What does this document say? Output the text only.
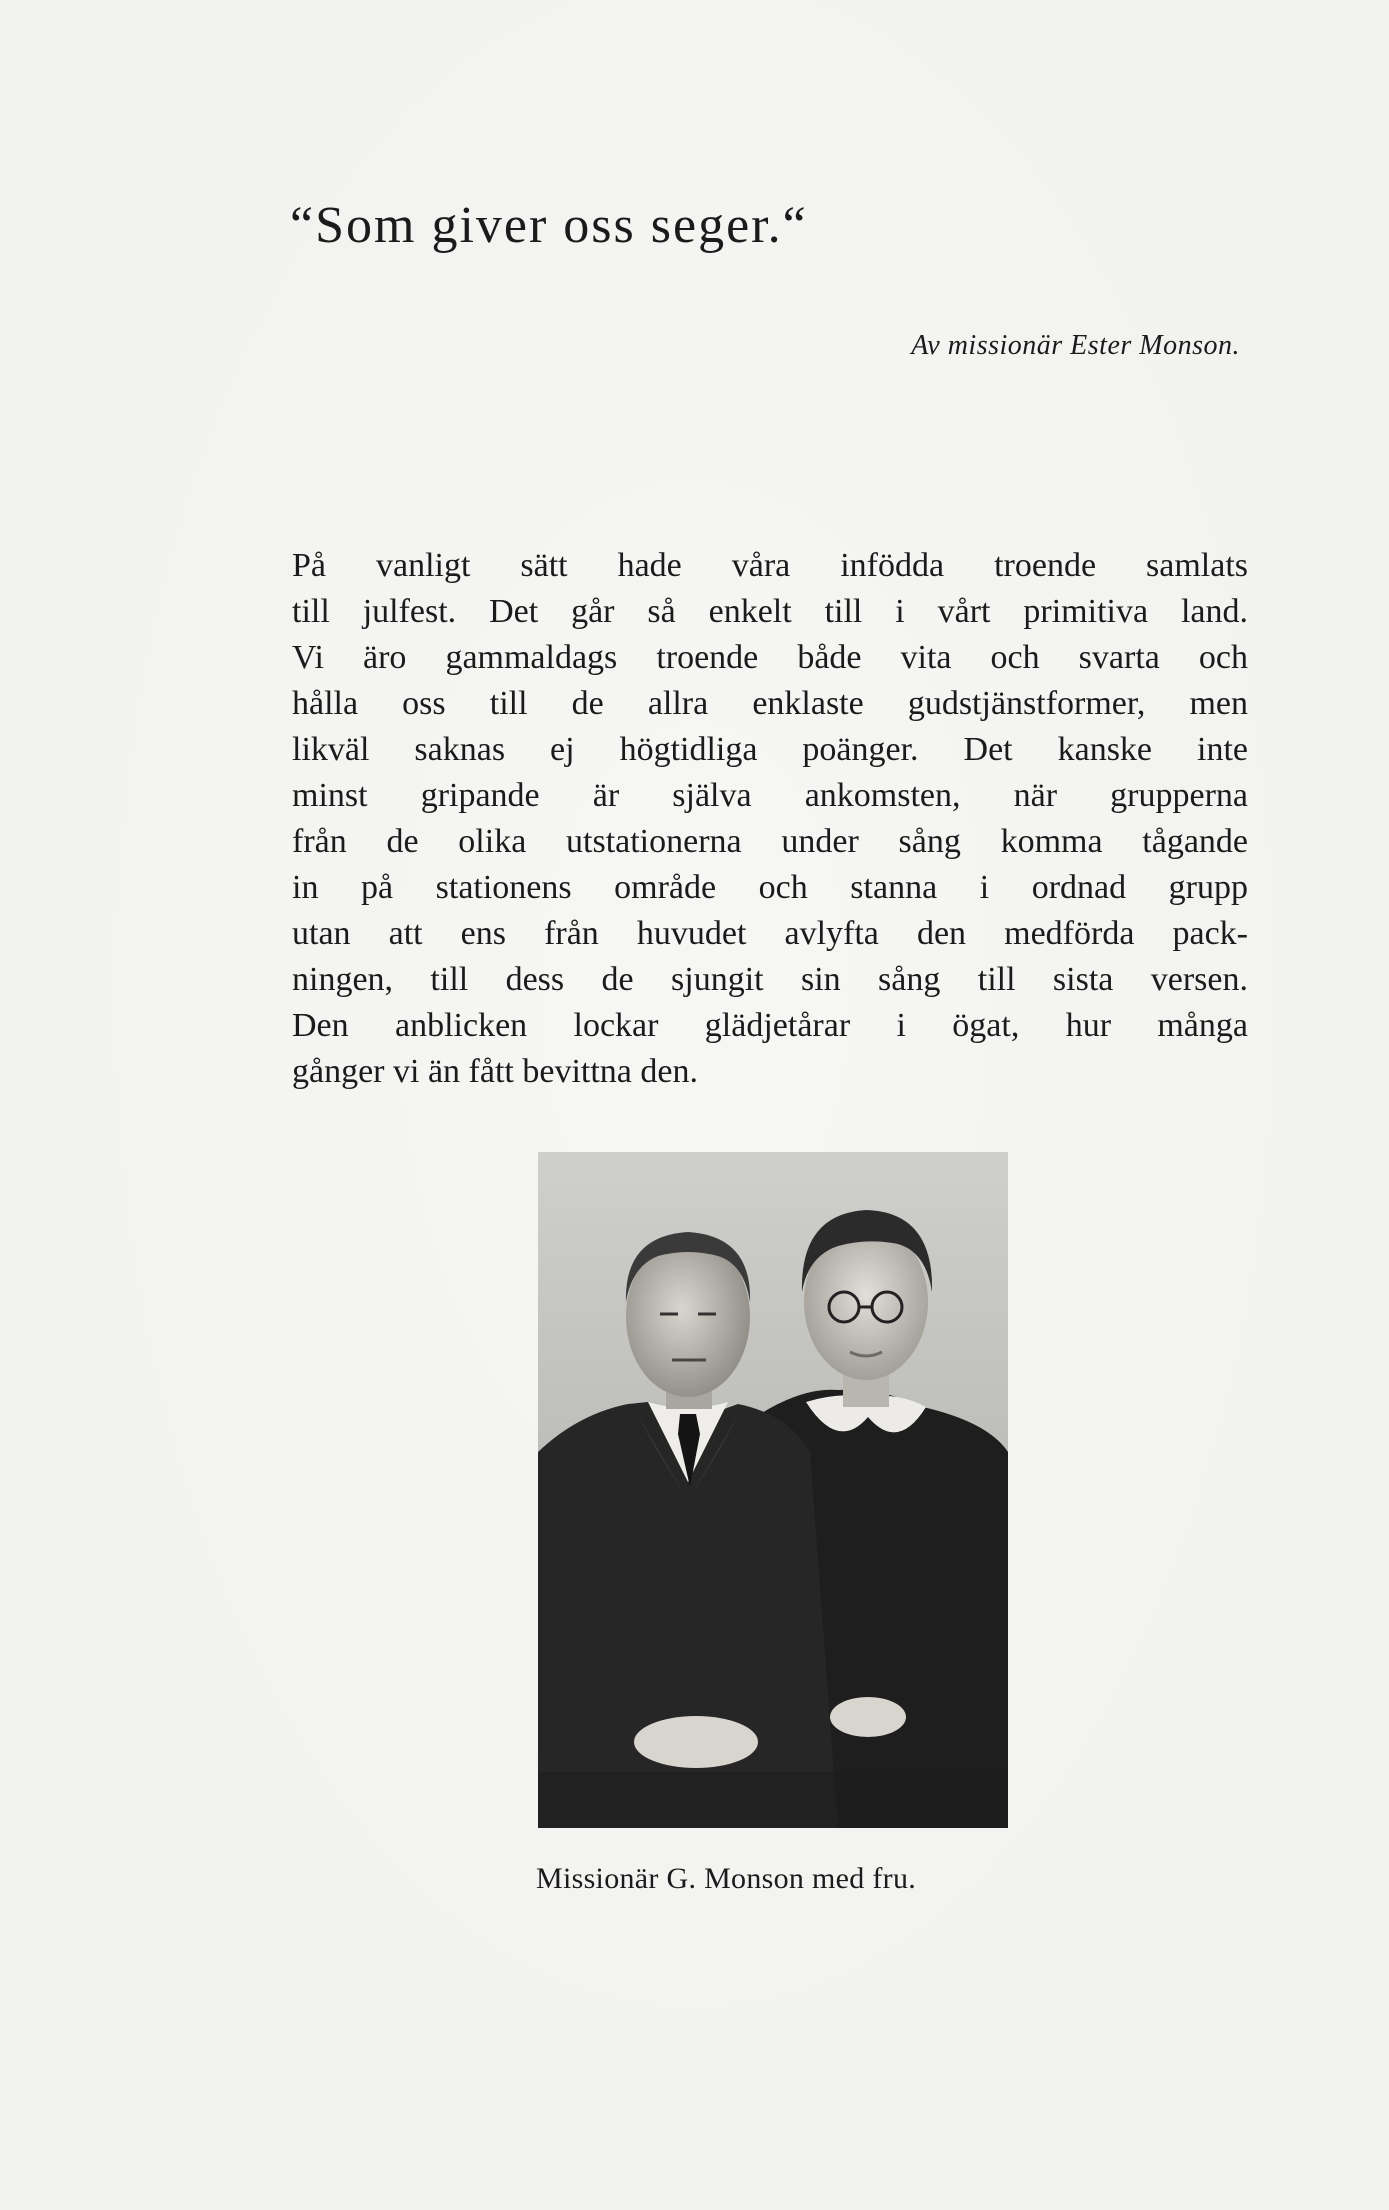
“Som giver oss seger.“
Av missionär Ester Monson.
På vanligt sätt hade våra infödda troende samlats
till julfest. Det går så enkelt till i vårt primitiva land.
Vi äro gammaldags troende både vita och svarta och
hålla oss till de allra enklaste gudstjänstformer, men
likväl saknas ej högtidliga poänger. Det kanske inte
minst gripande är själva ankomsten, när grupperna
från de olika utstationerna under sång komma tågande
in på stationens område och stanna i ordnad grupp
utan att ens från huvudet avlyfta den medförda pack-
ningen, till dess de sjungit sin sång till sista versen.
Den anblicken lockar glädjetårar i ögat, hur många
gånger vi än fått bevittna den.
Missionär G. Monson med fru.
